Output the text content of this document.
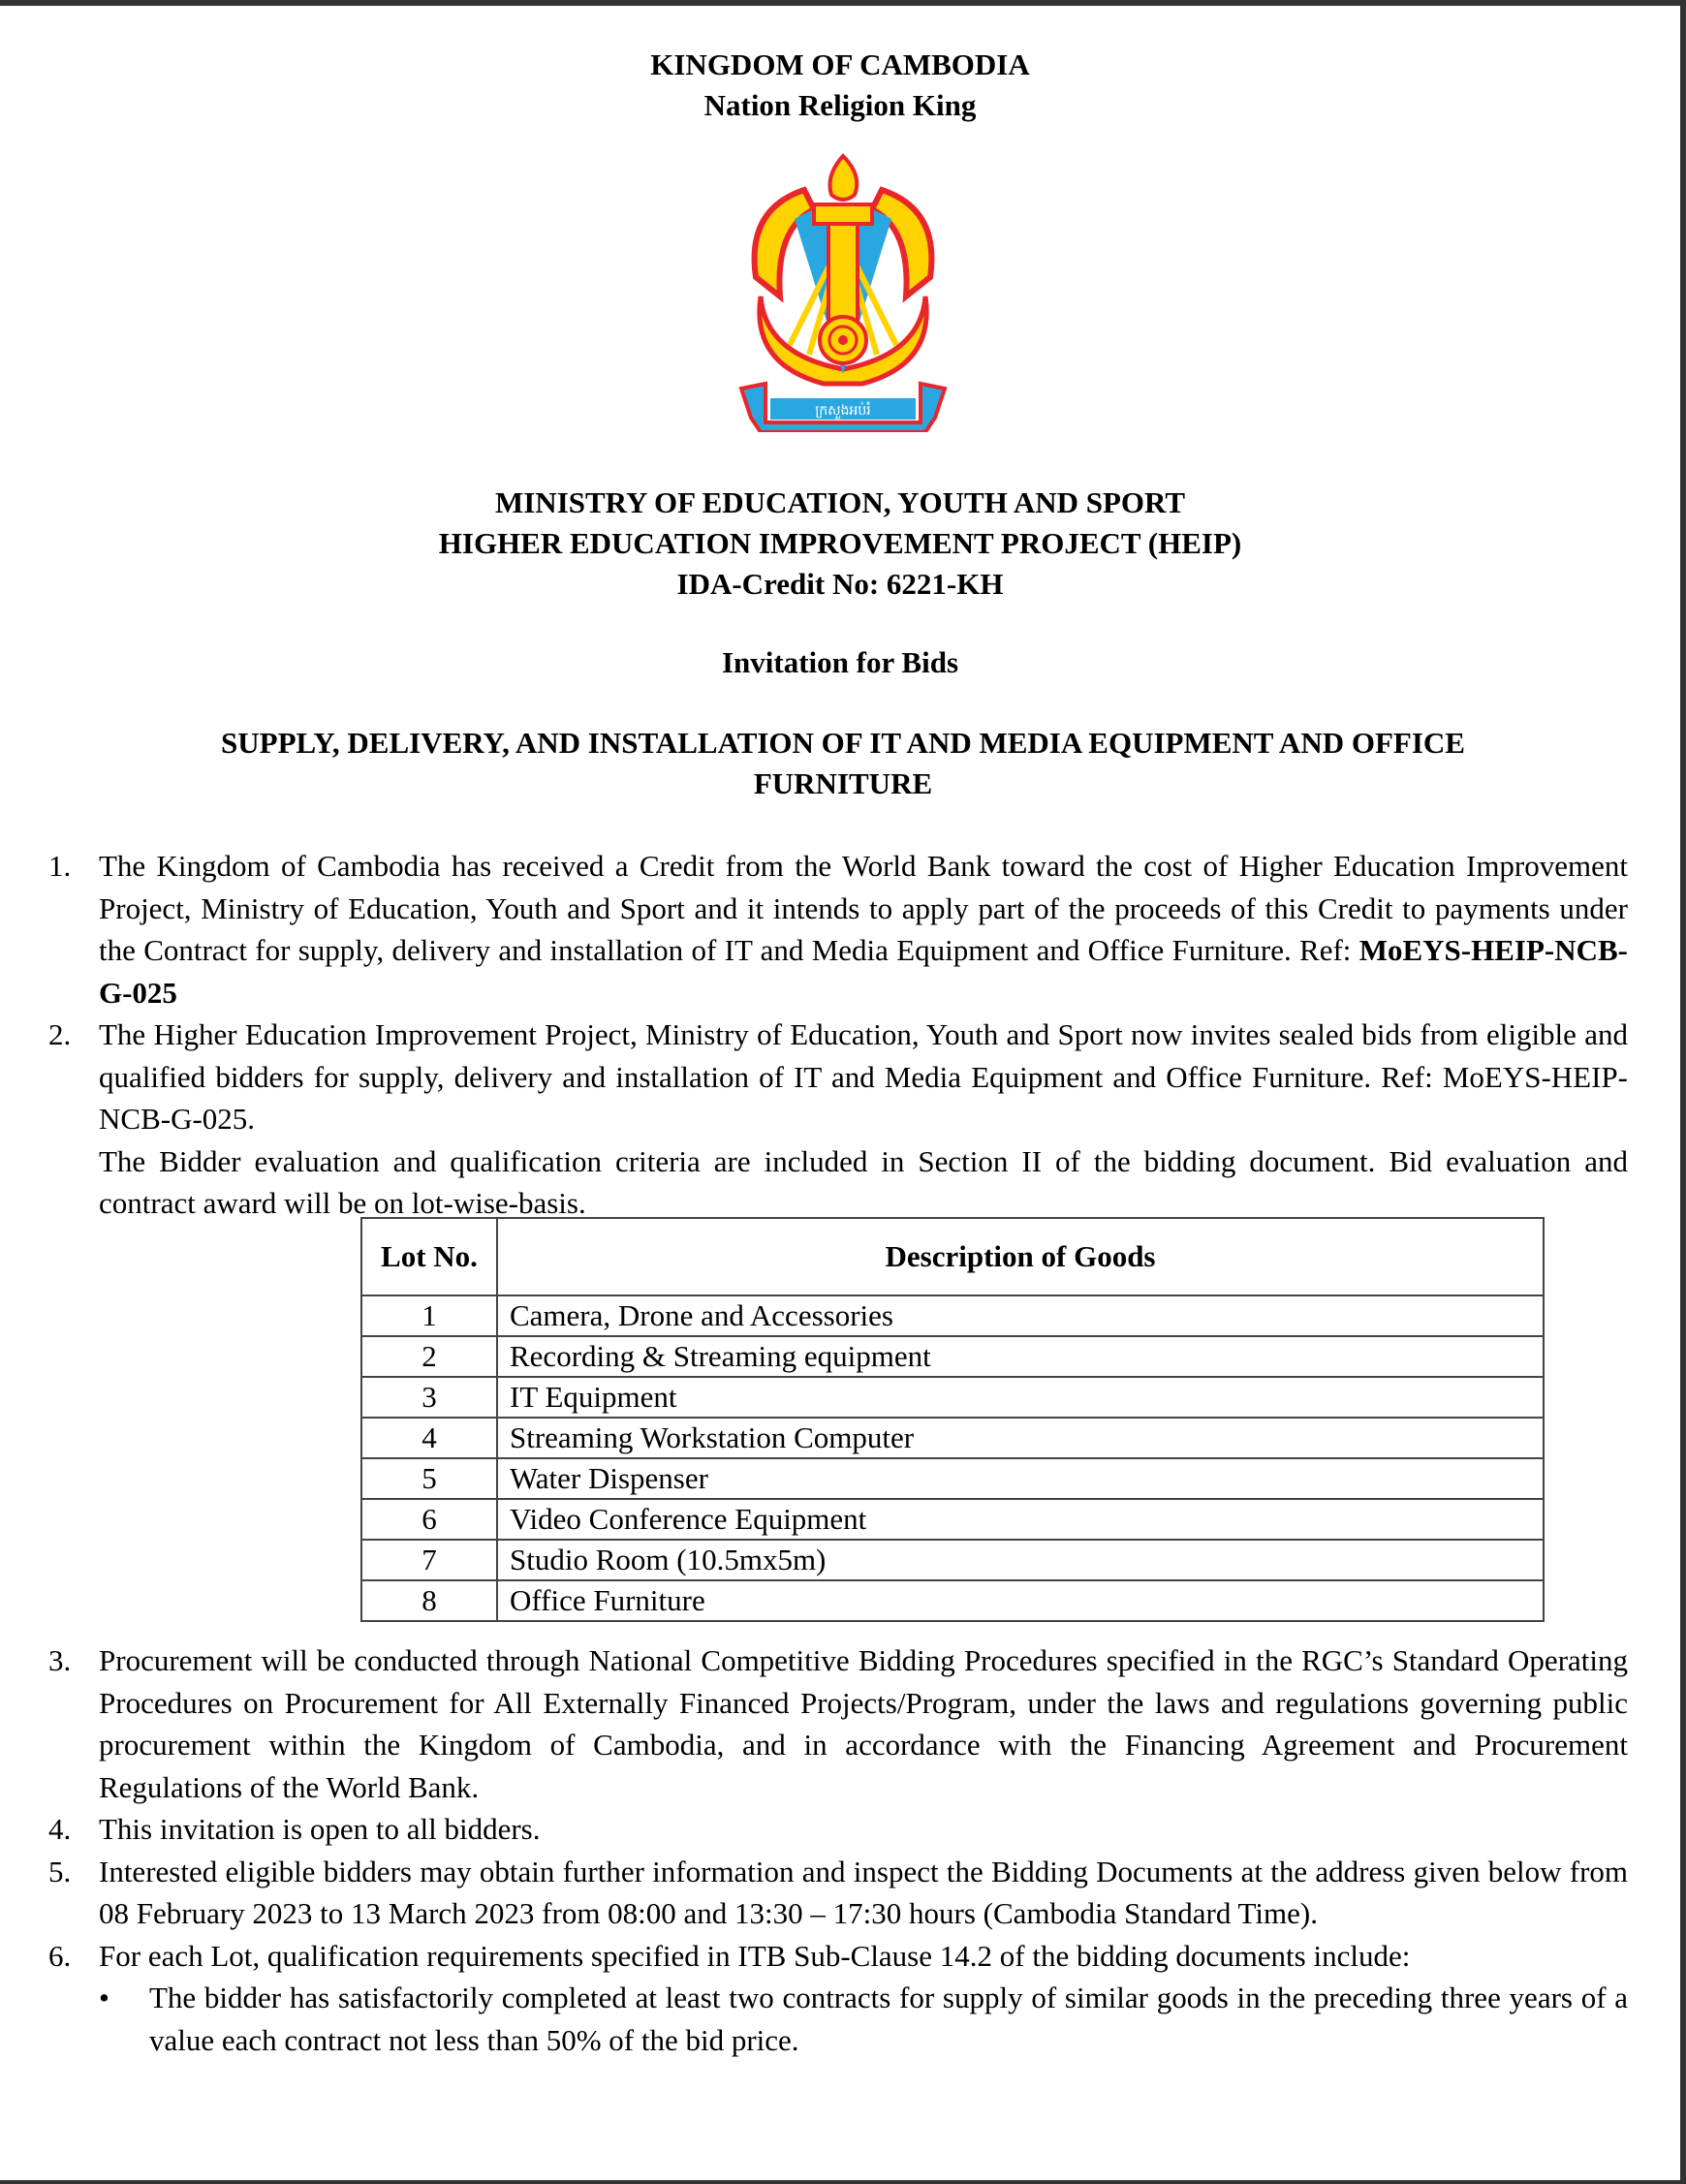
KINGDOM OF CAMBODIA
Nation Religion King
ក្រសួងអប់រំ
MINISTRY OF EDUCATION, YOUTH AND SPORT
HIGHER EDUCATION IMPROVEMENT PROJECT (HEIP)
IDA-Credit No: 6221-KH
Invitation for Bids
SUPPLY, DELIVERY, AND INSTALLATION OF IT AND MEDIA EQUIPMENT AND OFFICE FURNITURE
1. The Kingdom of Cambodia has received a Credit from the World Bank toward the cost of Higher Education Improvement Project, Ministry of Education, Youth and Sport and it intends to apply part of the proceeds of this Credit to payments under the Contract for supply, delivery and installation of IT and Media Equipment and Office Furniture. Ref: MoEYS-HEIP-NCB-G-025
2. The Higher Education Improvement Project, Ministry of Education, Youth and Sport now invites sealed bids from eligible and qualified bidders for supply, delivery and installation of IT and Media Equipment and Office Furniture. Ref: MoEYS-HEIP-NCB-G-025.
The Bidder evaluation and qualification criteria are included in Section II of the bidding document. Bid evaluation and contract award will be on lot-wise-basis.
Lot No.	Description of Goods
1	Camera, Drone and Accessories
2	Recording & Streaming equipment
3	IT Equipment
4	Streaming Workstation Computer
5	Water Dispenser
6	Video Conference Equipment
7	Studio Room (10.5mx5m)
8	Office Furniture
3. Procurement will be conducted through National Competitive Bidding Procedures specified in the RGC’s Standard Operating Procedures on Procurement for All Externally Financed Projects/Program, under the laws and regulations governing public procurement within the Kingdom of Cambodia, and in accordance with the Financing Agreement and Procurement Regulations of the World Bank.
4. This invitation is open to all bidders.
5. Interested eligible bidders may obtain further information and inspect the Bidding Documents at the address given below from 08 February 2023 to 13 March 2023 from 08:00 and 13:30 – 17:30 hours (Cambodia Standard Time).
6. For each Lot, qualification requirements specified in ITB Sub-Clause 14.2 of the bidding documents include:
•	The bidder has satisfactorily completed at least two contracts for supply of similar goods in the preceding three years of a value each contract not less than 50% of the bid price.
